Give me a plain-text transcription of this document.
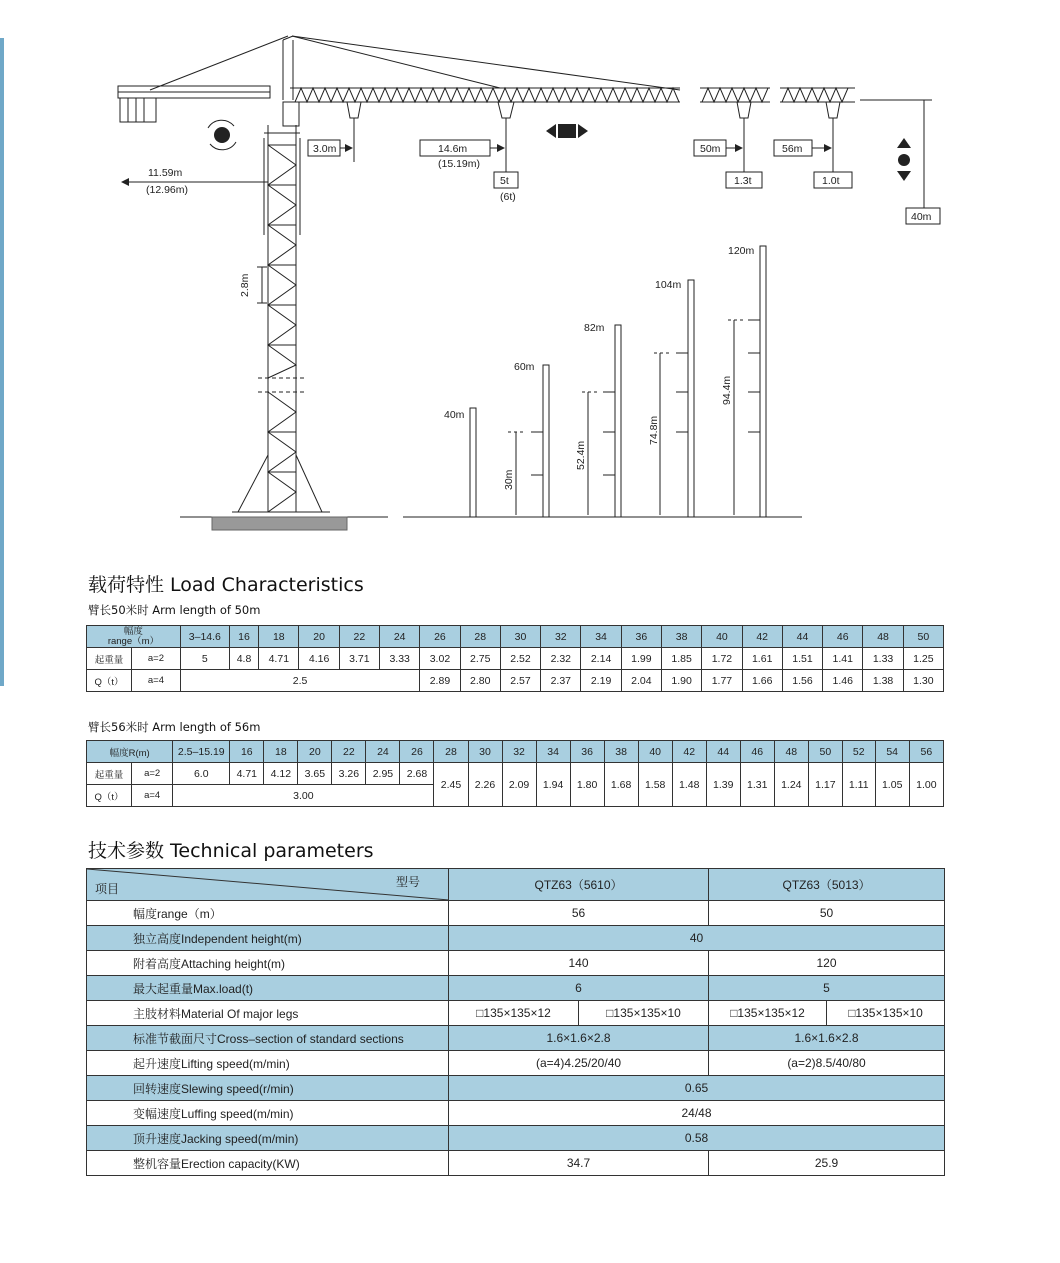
11.59m
(12.96m)
2.8m
3.0m	14.6m
(15.19m)
5t
(6t)
50m
1.3t
56m
1.0t
40m
40m
60m
82m
104m
120m
30m
52.4m
74.8m
94.4m
载荷特性 Load Characteristics
臂长50米时 Arm length of 50m
幅度
range（m）		3–14.6	16	18	20	22	24	26	28	30	32	34	36	38	40	42	44	46	48	50
起重量	a=2	5	4.8	4.71	4.16	3.71	3.33	3.02	2.75	2.52	2.32	2.14	1.99	1.85	1.72	1.61	1.51	1.41	1.33	1.25
Q（t）	a=4	2.5						2.89	2.80	2.57	2.37	2.19	2.04	1.90	1.77	1.66	1.56	1.46	1.38	1.30
臂长56米时 Arm length of 56m
幅度R(m)		2.5–15.19	16	18	20	22	24	26	28	30	32	34	36	38	40	42	44	46	48	50	52	54	56
起重量	a=2	6.0	4.71	4.12	3.65	3.26	2.95	2.68	2.45	2.26	2.09	1.94	1.80	1.68	1.58	1.48	1.39	1.31	1.24	1.17	1.11	1.05	1.00
Q（t）	a=4	3.00																					
技术参数 Technical parameters
型号
项目	QTZ63（5610）		QTZ63（5013）	
幅度range（m）	56		50	
独立高度Independent height(m)	40			
附着高度Attaching height(m)	140		120	
最大起重量Max.load(t)	6		5	
主肢材料Material Of major legs	□135×135×12	□135×135×10	□135×135×12	□135×135×10
标准节截面尺寸Cross–section of standard sections	1.6×1.6×2.8		1.6×1.6×2.8	
起升速度Lifting speed(m/min)	(a=4)4.25/20/40		(a=2)8.5/40/80	
回转速度Slewing speed(r/min)	0.65			
变幅速度Luffing speed(m/min)	24/48			
顶升速度Jacking speed(m/min)	0.58			
整机容量Erection capacity(KW)	34.7		25.9	
